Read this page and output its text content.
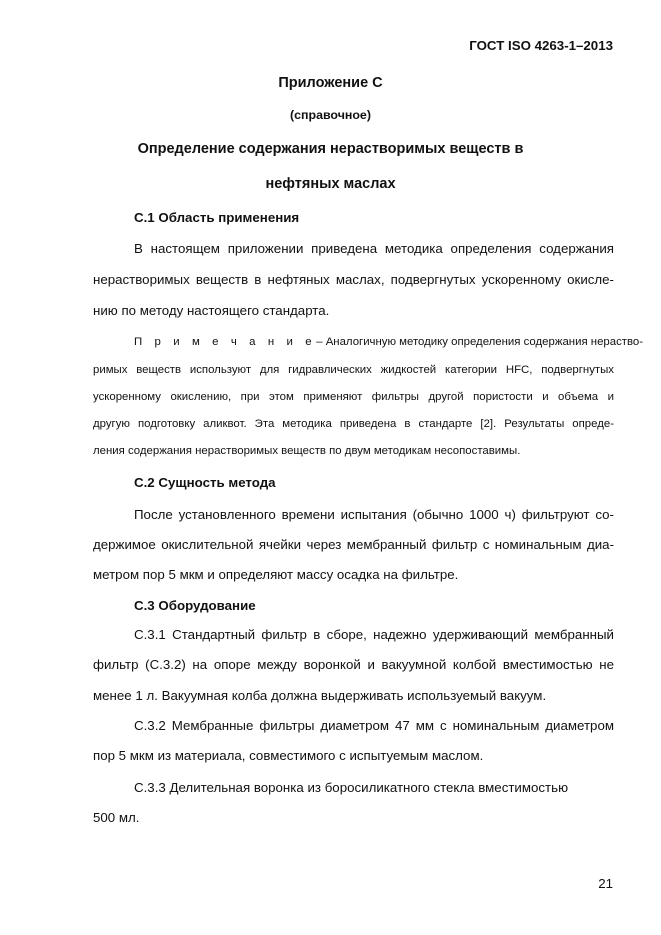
ГОСТ ISO 4263-1–2013
Приложение С
(справочное)
Определение содержания нерастворимых веществ в
нефтяных маслах
С.1 Область применения
В настоящем приложении приведена методика определения содержания
нерастворимых веществ в нефтяных маслах, подвергнутых ускоренному окисле-
нию по методу настоящего стандарта.
П р и м е ч а н и е – Аналогичную методику определения содержания нераство-
римых веществ используют для гидравлических жидкостей категории HFC, подвергнутых
ускоренному окислению, при этом применяют фильтры другой пористости и объема и
другую подготовку аликвот. Эта методика приведена в стандарте [2]. Результаты опреде-
ления содержания нерастворимых веществ по двум методикам несопоставимы.
С.2 Сущность метода
После установленного времени испытания (обычно 1000 ч) фильтруют со-
держимое окислительной ячейки через мембранный фильтр с номинальным диа-
метром пор 5 мкм и определяют массу осадка на фильтре.
С.3 Оборудование
С.3.1 Стандартный фильтр в сборе, надежно удерживающий мембранный
фильтр (С.3.2) на опоре между воронкой и вакуумной колбой вместимостью не
менее 1 л. Вакуумная колба должна выдерживать используемый вакуум.
С.3.2 Мембранные фильтры диаметром 47 мм с номинальным диаметром
пор 5 мкм из материала, совместимого с испытуемым маслом.
С.3.3 Делительная воронка из боросиликатного стекла вместимостью
500 мл.
21
